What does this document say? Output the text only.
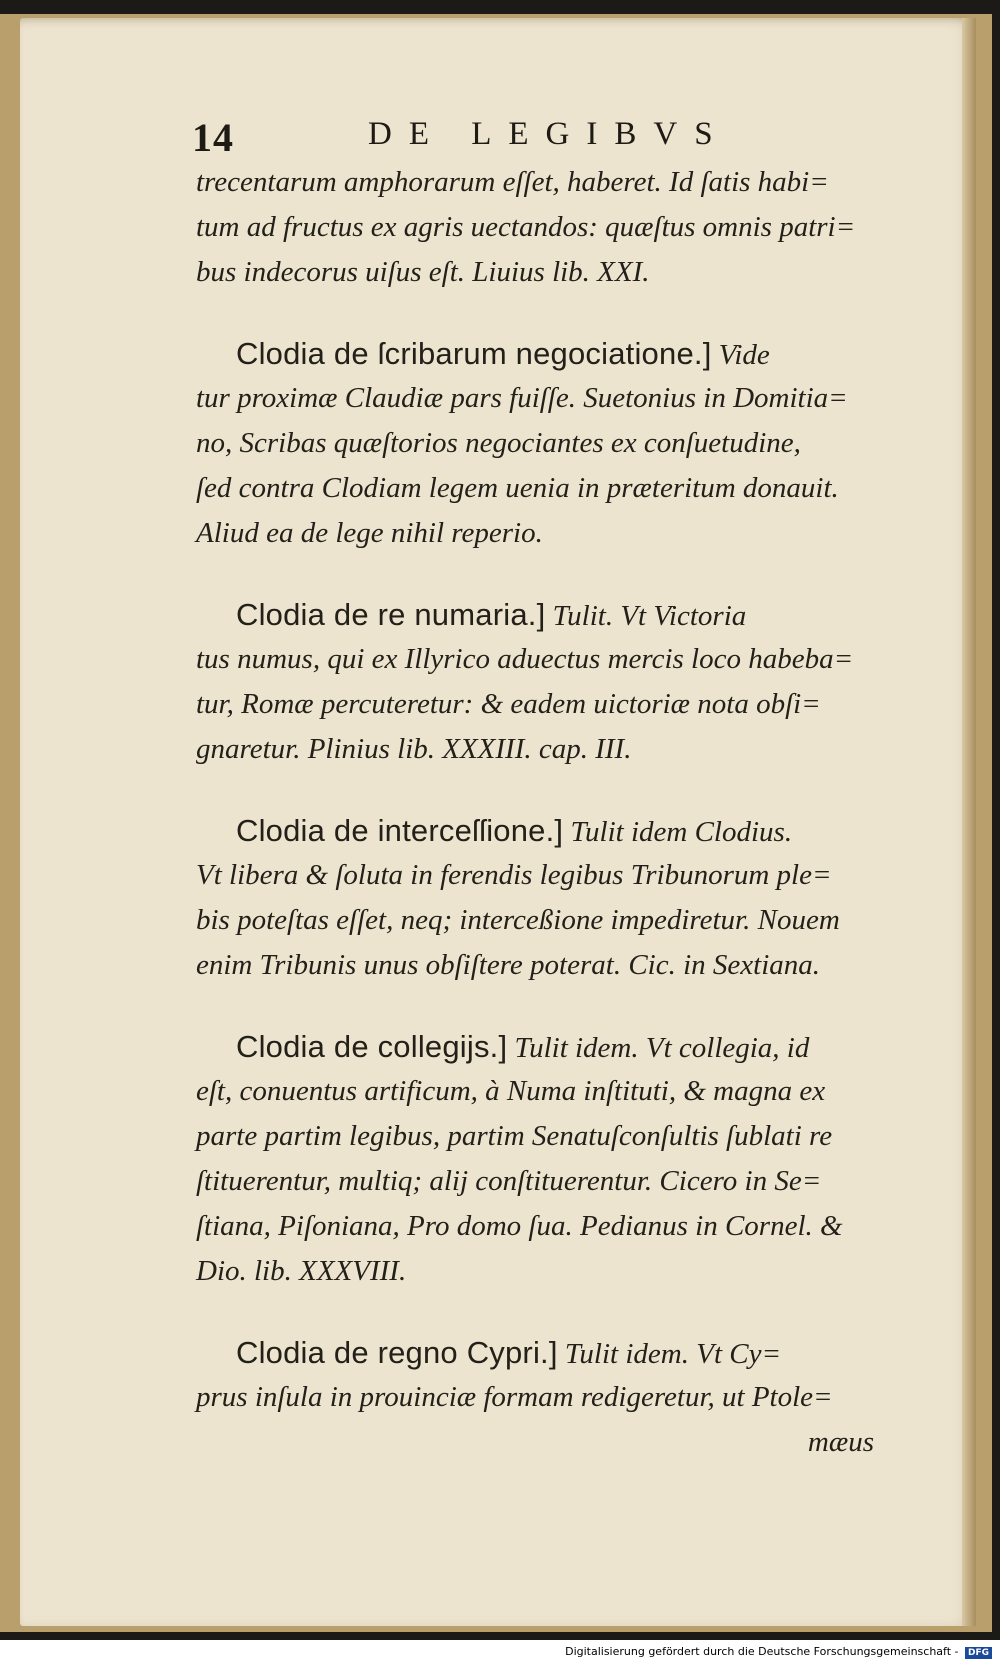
14	DE LEGIBVS
trecentarum amphorarum eſſet, haberet. Id ſatis habi=
tum ad fructus ex agris uectandos: quæſtus omnis patri=
bus indecorus uiſus eſt. Liuius lib. XXI.
Clodia de ſcribarum negociatione.] Vide
tur proximæ Claudiæ pars fuiſſe. Suetonius in Domitia=
no, Scribas quæſtorios negociantes ex conſuetudine,
ſed contra Clodiam legem uenia in præteritum donauit.
Aliud ea de lege nihil reperio.
Clodia de re numaria.] Tulit. Vt Victoria
tus numus, qui ex Illyrico aduectus mercis loco habeba=
tur, Romæ percuteretur: & eadem uictoriæ nota obſi=
gnaretur. Plinius lib. XXXIII. cap. III.
Clodia de interceſſione.] Tulit idem Clodius.
Vt libera & ſoluta in ferendis legibus Tribunorum ple=
bis poteſtas eſſet, neq; interceßione impediretur. Nouem
enim Tribunis unus obſiſtere poterat. Cic. in Sextiana.
Clodia de collegijs.] Tulit idem. Vt collegia, id
eſt, conuentus artificum, à Numa inſtituti, & magna ex
parte partim legibus, partim Senatuſconſultis ſublati re
ſtituerentur, multiq; alij conſtituerentur. Cicero in Se=
ſtiana, Piſoniana, Pro domo ſua. Pedianus in Cornel. &
Dio. lib. XXXVIII.
Clodia de regno Cypri.] Tulit idem. Vt Cy=
prus inſula in prouinciæ formam redigeretur, ut Ptole=
mæus
Digitalisierung gefördert durch die Deutsche Forschungsgemeinschaft - DFG
